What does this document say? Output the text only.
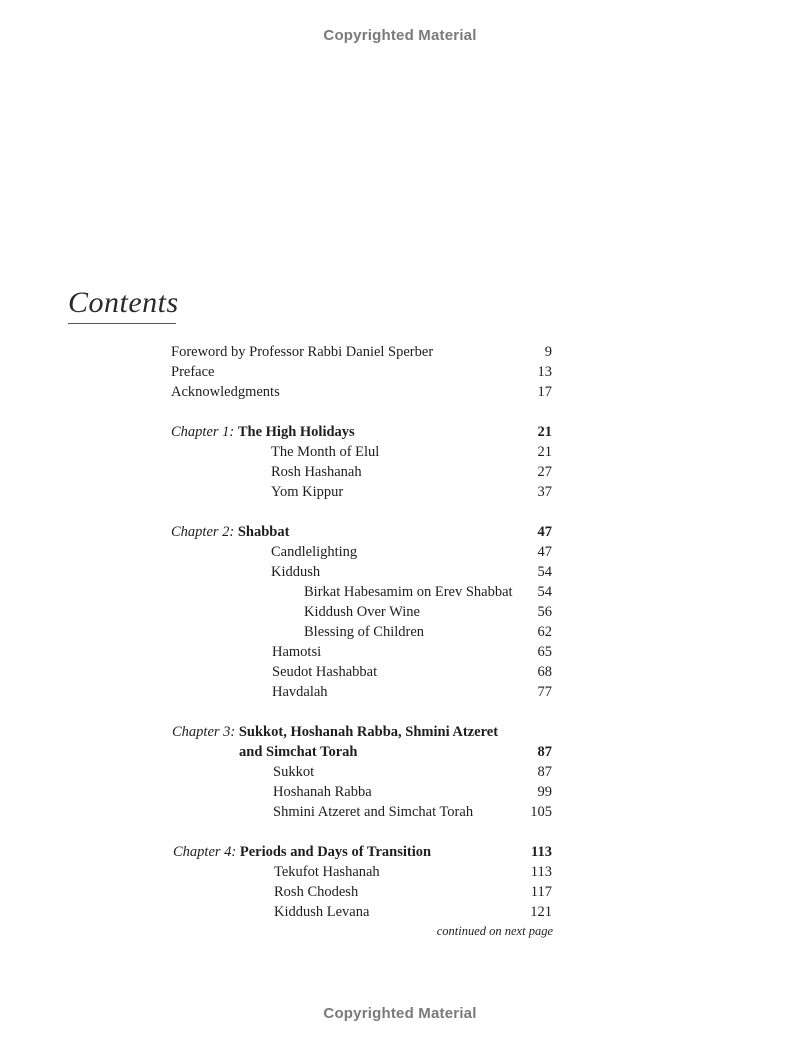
Copyrighted Material
Contents
Foreword by Professor Rabbi Daniel Sperber	9
Preface	13
Acknowledgments	17
Chapter 1: The High Holidays	21
The Month of Elul	21
Rosh Hashanah	27
Yom Kippur	37
Chapter 2: Shabbat	47
Candlelighting	47
Kiddush	54
Birkat Habesamim on Erev Shabbat	54
Kiddush Over Wine	56
Blessing of Children	62
Hamotsi	65
Seudot Hashabbat	68
Havdalah	77
Chapter 3: Sukkot, Hoshanah Rabba, Shmini Atzeret
and Simchat Torah	87
Sukkot	87
Hoshanah Rabba	99
Shmini Atzeret and Simchat Torah	105
Chapter 4: Periods and Days of Transition	113
Tekufot Hashanah	113
Rosh Chodesh	117
Kiddush Levana	121
continued on next page
Copyrighted Material
